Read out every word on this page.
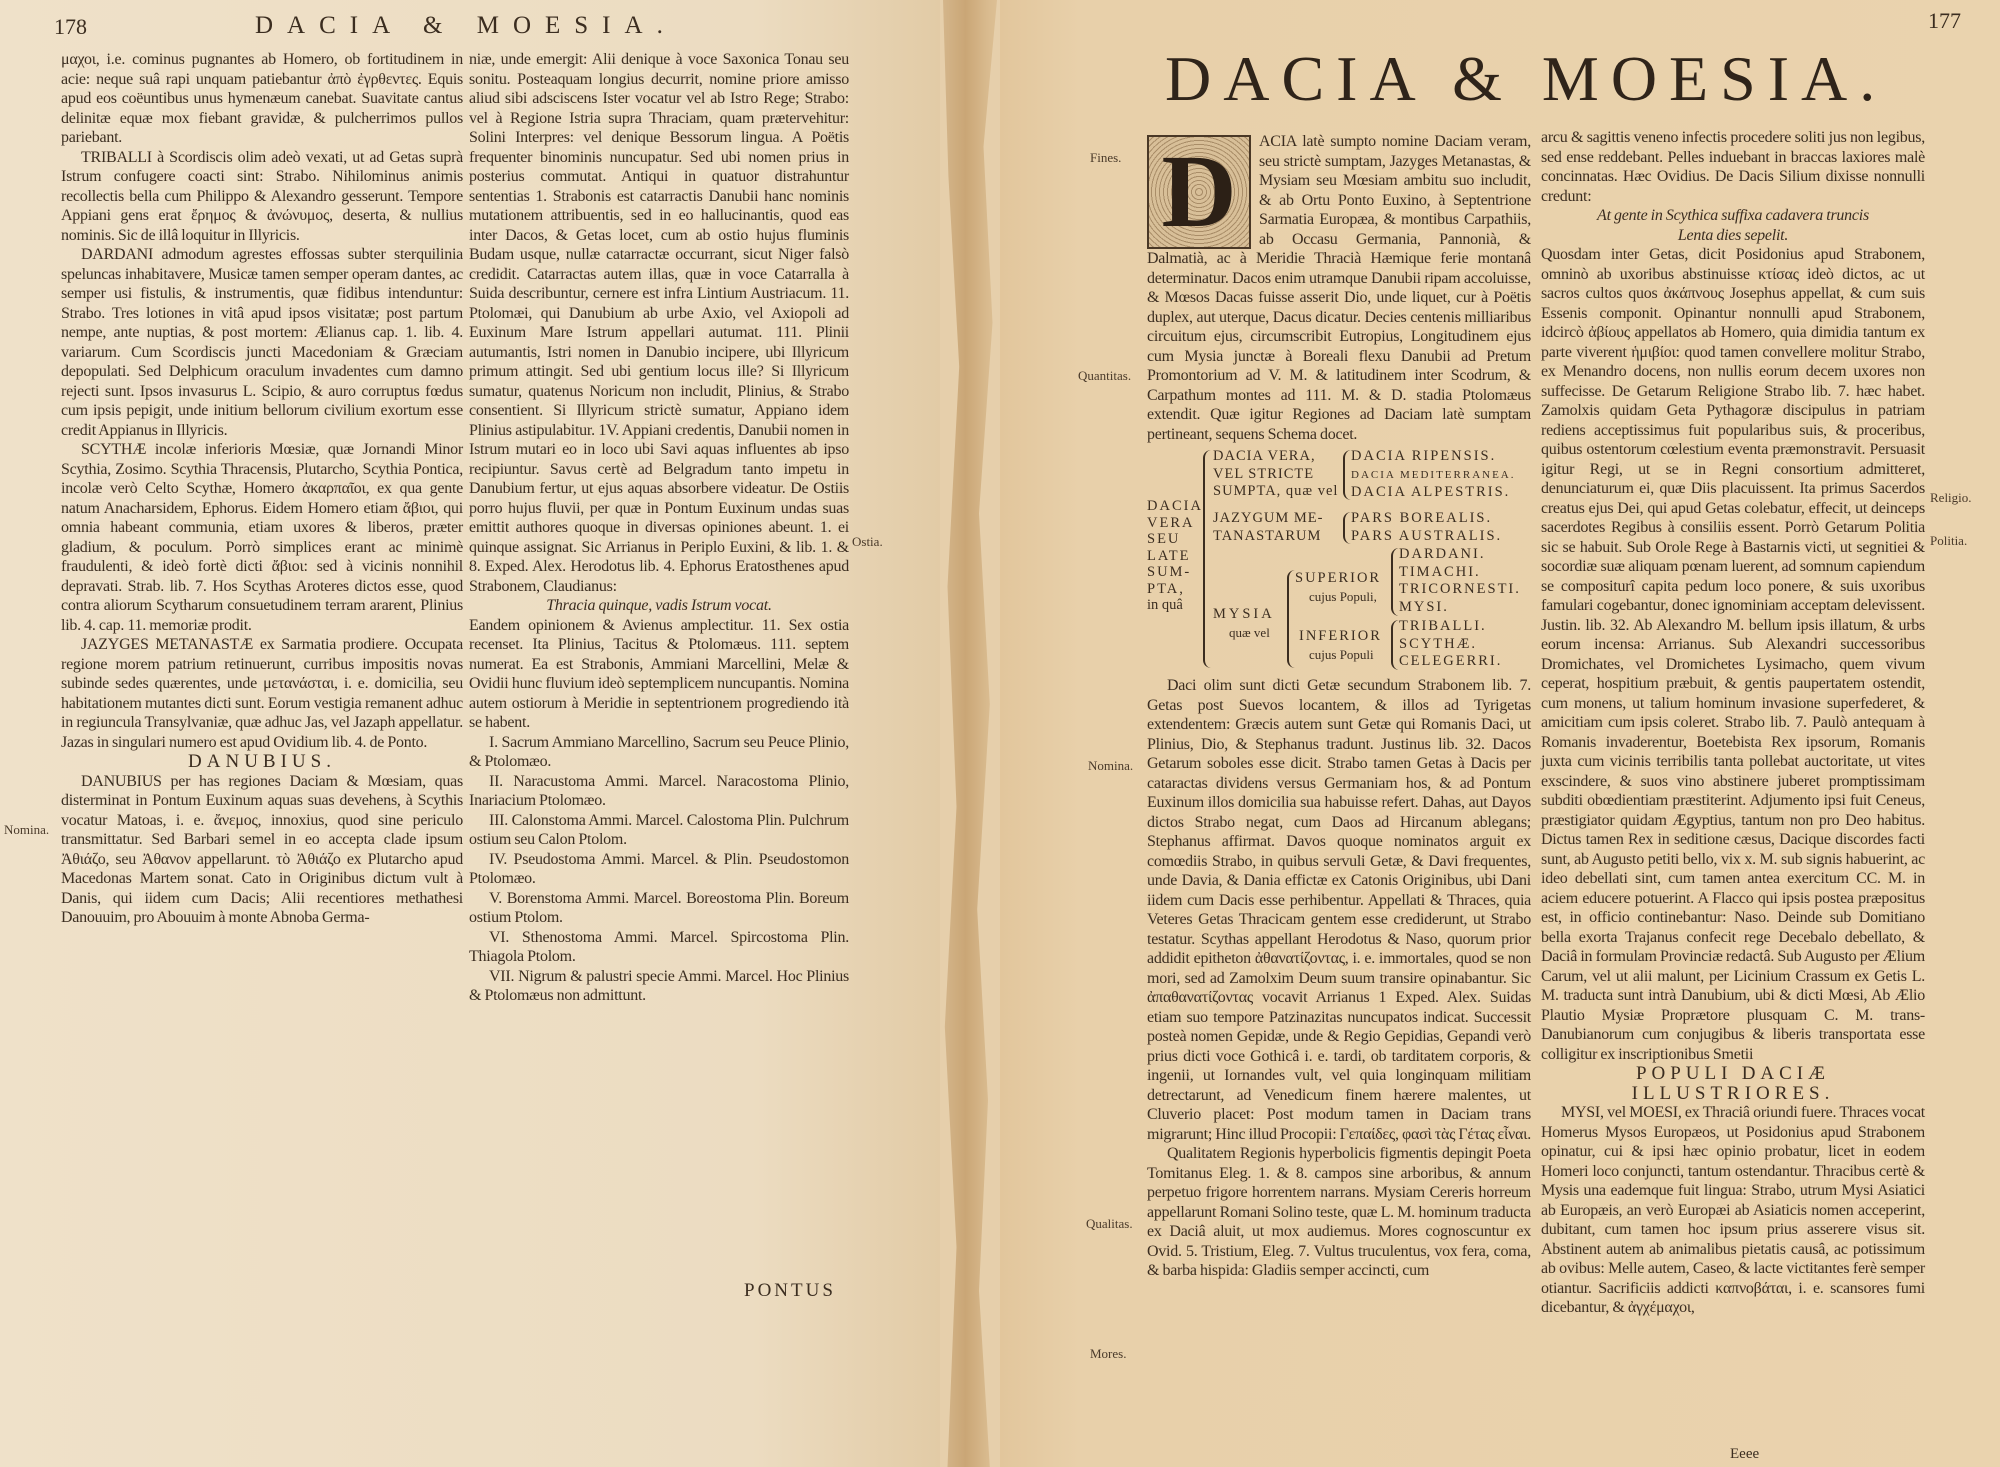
178	DACIA & MOESIA.
Nomina.
Ostia.

μαχοι, i.e. cominus pugnantes ab Homero, ob fortitudinem in acie: neque suâ rapi unquam patiebantur ἀπὸ ἐγρθεντες. Equis apud eos coëuntibus unus hymenæum canebat. Suavitate cantus delinitæ equæ mox fiebant gravidæ, & pulcherrimos pullos pariebant.

TRIBALLI à Scordiscis olim adeò vexati, ut ad Getas suprà Istrum confugere coacti sint: Strabo. Nihilominus animis recollectis bella cum Philippo & Alexandro gesserunt. Tempore Appiani gens erat ἔρημος & ἀνώνυμος, deserta, & nullius nominis. Sic de illâ loquitur in Illyricis.

DARDANI admodum agrestes effossas subter sterquilinia speluncas inhabitavere, Musicæ tamen semper operam dantes, ac semper usi fistulis, & instrumentis, quæ fidibus intenduntur: Strabo. Tres lotiones in vitâ apud ipsos visitatæ; post partum nempe, ante nuptias, & post mortem: Ælianus cap. 1. lib. 4. variarum. Cum Scordiscis juncti Macedoniam & Græciam depopulati. Sed Delphicum oraculum invadentes cum damno rejecti sunt. Ipsos invasurus L. Scipio, & auro corruptus fœdus cum ipsis pepigit, unde initium bellorum civilium exortum esse credit Appianus in Illyricis.

SCYTHÆ incolæ inferioris Mœsiæ, quæ Jornandi Minor Scythia, Zosimo. Scythia Thracensis, Plutarcho, Scythia Pontica, incolæ verò Celto Scythæ, Homero ἀκαρπαῖοι, ex qua gente natum Anacharsidem, Ephorus. Eidem Homero etiam ἄβιοι, qui omnia habeant communia, etiam uxores & liberos, præter gladium, & poculum. Porrò simplices erant ac minimè fraudulenti, & ideò fortè dicti ἄβιοι: sed à vicinis nonnihil depravati. Strab. lib. 7. Hos Scythas Aroteres dictos esse, quod contra aliorum Scytharum consuetudinem terram ararent, Plinius lib. 4. cap. 11. memoriæ prodit.

JAZYGES METANASTÆ ex Sarmatia prodiere. Occupata regione morem patrium retinuerunt, curribus impositis novas subinde sedes quærentes, unde μετανάσται, i. e. domicilia, seu habitationem mutantes dicti sunt. Eorum vestigia remanent adhuc in regiuncula Transylvaniæ, quæ adhuc Jas, vel Jazaph appellatur. Jazas in singulari numero est apud Ovidium lib. 4. de Ponto.

DANUBIUS.

DANUBIUS per has regiones Daciam & Mœsiam, quas disterminat in Pontum Euxinum aquas suas devehens, à Scythis vocatur Matoas, i. e. ἄνεμος, innoxius, quod sine periculo transmittatur. Sed Barbari semel in eo accepta clade ipsum Ἀθιάζο, seu Ἀθανον appellarunt. τὸ Ἀθιάζο ex Plutarcho apud Macedonas Martem sonat. Cato in Originibus dictum vult à Danis, qui iidem cum Dacis; Alii recentiores methathesi Danouuim, pro Abouuim à monte Abnoba Germa-

niæ, unde emergit: Alii denique à voce Saxonica Tonau seu sonitu. Posteaquam longius decurrit, nomine priore amisso aliud sibi adsciscens Ister vocatur vel ab Istro Rege; Strabo: vel à Regione Istria supra Thraciam, quam prætervehitur: Solini Interpres: vel denique Bessorum lingua. A Poëtis frequenter binominis nuncupatur. Sed ubi nomen prius in posterius commutat. Antiqui in quatuor distrahuntur sententias 1. Strabonis est catarractis Danubii hanc nominis mutationem attribuentis, sed in eo hallucinantis, quod eas inter Dacos, & Getas locet, cum ab ostio hujus fluminis Budam usque, nullæ catarractæ occurrant, sicut Niger falsò credidit. Catarractas autem illas, quæ in voce Catarralla à Suida describuntur, cernere est infra Lintium Austriacum. 11. Ptolomæi, qui Danubium ab urbe Axio, vel Axiopoli ad Euxinum Mare Istrum appellari autumat. 111. Plinii autumantis, Istri nomen in Danubio incipere, ubi Illyricum primum attingit. Sed ubi gentium locus ille? Si Illyricum sumatur, quatenus Noricum non includit, Plinius, & Strabo consentient. Si Illyricum strictè sumatur, Appiano idem Plinius astipulabitur. 1V. Appiani credentis, Danubii nomen in Istrum mutari eo in loco ubi Savi aquas influentes ab ipso recipiuntur. Savus certè ad Belgradum tanto impetu in Danubium fertur, ut ejus aquas absorbere videatur. De Ostiis porro hujus fluvii, per quæ in Pontum Euxinum undas suas emittit authores quoque in diversas opiniones abeunt. 1. ei quinque assignat. Sic Arrianus in Periplo Euxini, & lib. 1. & 8. Exped. Alex. Herodotus lib. 4. Ephorus Eratosthenes apud Strabonem, Claudianus:

Thracia quinque, vadis Istrum vocat.

Eandem opinionem & Avienus amplectitur. 11. Sex ostia recenset. Ita Plinius, Tacitus & Ptolomæus. 111. septem numerat. Ea est Strabonis, Ammiani Marcellini, Melæ & Ovidii hunc fluvium ideò septemplicem nuncupantis. Nomina autem ostiorum à Meridie in septentrionem progrediendo ità se habent.

I. Sacrum Ammiano Marcellino, Sacrum seu Peuce Plinio, & Ptolomæo.

II. Naracustoma Ammi. Marcel. Naracostoma Plinio, Inariacium Ptolomæo.

III. Calonstoma Ammi. Marcel. Calostoma Plin. Pulchrum ostium seu Calon Ptolom.

IV. Pseudostoma Ammi. Marcel. & Plin. Pseudostomon Ptolomæo.

V. Borenstoma Ammi. Marcel. Boreostoma Plin. Boreum ostium Ptolom.

VI. Sthenostoma Ammi. Marcel. Spircostoma Plin. Thiagola Ptolom.

VII. Nigrum & palustri specie Ammi. Marcel. Hoc Plinius & Ptolomæus non admittunt.

PONTUS
177
DACIA & MOESIA.
Fines.
Quantitas.
Nomina.
Qualitas.
Mores.
Religio.
Politia.
D	ACIA latè sumpto nomine Daciam veram, seu strictè sumptam, Jazyges Metanastas, & Mysiam seu Mœsiam ambitu suo includit, & ab Ortu Ponto Euxino, à Septentrione Sarmatia Europæa, & montibus Carpathiis, ab Occasu Germania, Pannonià, & Dalmatià, ac à Meridie Thracià Hæmique ferie montanâ determinatur. Dacos enim utramque Danubii ripam accoluisse, & Mœsos Dacas fuisse asserit Dio, unde liquet, cur à Poëtis duplex, aut uterque, Dacus dicatur. Decies centenis milliaribus circuitum ejus, circumscribit Eutropius, Longitudinem ejus cum Mysia junctæ à Boreali flexu Danubii ad Pretum Promontorium ad V. M. & latitudinem inter Scodrum, & Carpathum montes ad 111. M. & D. stadia Ptolomæus extendit. Quæ igitur Regiones ad Daciam latè sumptam pertineant, sequens Schema docet.

DACIA
VERA
SEU
LATE
SUM-
PTA,
in quâ
DACIA VERA,
VEL STRICTE
SUMPTA, quæ vel
DACIA RIPENSIS.
DACIA MEDITERRANEA.
DACIA ALPESTRIS.
JAZYGUM ME-
TANASTARUM
PARS BOREALIS.
PARS AUSTRALIS.
MYSIA
quæ vel
SUPERIOR
cujus Populi,
DARDANI.
TIMACHI.
TRICORNESTI.
MYSI.
INFERIOR
cujus Populi
TRIBALLI.
SCYTHÆ.
CELEGERRI.

Daci olim sunt dicti Getæ secundum Strabonem lib. 7. Getas post Suevos locantem, & illos ad Tyrigetas extendentem: Græcis autem sunt Getæ qui Romanis Daci, ut Plinius, Dio, & Stephanus tradunt. Justinus lib. 32. Dacos Getarum soboles esse dicit. Strabo tamen Getas à Dacis per cataractas dividens versus Germaniam hos, & ad Pontum Euxinum illos domicilia sua habuisse refert. Dahas, aut Dayos dictos Strabo negat, cum Daos ad Hircanum ablegans; Stephanus affirmat. Davos quoque nominatos arguit ex comœdiis Strabo, in quibus servuli Getæ, & Davi frequentes, unde Davia, & Dania effictæ ex Catonis Originibus, ubi Dani iidem cum Dacis esse perhibentur. Appellati & Thraces, quia Veteres Getas Thracicam gentem esse crediderunt, ut Strabo testatur. Scythas appellant Herodotus & Naso, quorum prior addidit epitheton ἀθανατίζοντας, i. e. immortales, quod se non mori, sed ad Zamolxim Deum suum transire opinabantur. Sic ἀπαθανατίζοντας vocavit Arrianus 1 Exped. Alex. Suidas etiam suo tempore Patzinazitas nuncupatos indicat. Successit posteà nomen Gepidæ, unde & Regio Gepidias, Gepandi verò prius dicti voce Gothicâ i. e. tardi, ob tarditatem corporis, & ingenii, ut Iornandes vult, vel quia longinquam militiam detrectarunt, ad Venedicum finem hærere malentes, ut Cluverio placet: Post modum tamen in Daciam trans migrarunt; Hinc illud Procopii: Γεπαίδες, φασὶ τὰς Γέτας εἶναι.

Qualitatem Regionis hyperbolicis figmentis depingit Poeta Tomitanus Eleg. 1. & 8. campos sine arboribus, & annum perpetuo frigore horrentem narrans. Mysiam Cereris horreum appellarunt Romani Solino teste, quæ L. M. hominum traducta ex Daciâ aluit, ut mox audiemus. Mores cognoscuntur ex Ovid. 5. Tristium, Eleg. 7. Vultus truculentus, vox fera, coma, & barba hispida: Gladiis semper accincti, cum

arcu & sagittis veneno infectis procedere soliti jus non legibus, sed ense reddebant. Pelles induebant in braccas laxiores malè concinnatas. Hæc Ovidius. De Dacis Silium dixisse nonnulli credunt:

At gente in Scythica suffixa cadavera truncis

Lenta dies sepelit.

Quosdam inter Getas, dicit Posidonius apud Strabonem, omninò ab uxoribus abstinuisse κτίσας ideò dictos, ac ut sacros cultos quos ἀκάπνους Josephus appellat, & cum suis Essenis componit. Opinantur nonnulli apud Strabonem, idcircò ἀβίους appellatos ab Homero, quia dimidia tantum ex parte viverent ἡμιβίοι: quod tamen convellere molitur Strabo, ex Menandro docens, non nullis eorum decem uxores non suffecisse. De Getarum Religione Strabo lib. 7. hæc habet. Zamolxis quidam Geta Pythagoræ discipulus in patriam rediens acceptissimus fuit popularibus suis, & proceribus, quibus ostentorum cœlestium eventa præmonstravit. Persuasit igitur Regi, ut se in Regni consortium admitteret, denunciaturum ei, quæ Diis placuissent. Ita primus Sacerdos creatus ejus Dei, qui apud Getas colebatur, effecit, ut deinceps sacerdotes Regibus à consiliis essent. Porrò Getarum Politia sic se habuit. Sub Orole Rege à Bastarnis victi, ut segnitiei & socordiæ suæ aliquam pœnam luerent, ad somnum capiendum se compositurî capita pedum loco ponere, & suis uxoribus famulari cogebantur, donec ignominiam acceptam delevissent. Justin. lib. 32. Ab Alexandro M. bellum ipsis illatum, & urbs eorum incensa: Arrianus. Sub Alexandri successoribus Dromichates, vel Dromichetes Lysimacho, quem vivum ceperat, hospitium præbuit, & gentis paupertatem ostendit, cum monens, ut talium hominum invasione superfederet, & amicitiam cum ipsis coleret. Strabo lib. 7. Paulò antequam à Romanis invaderentur, Boetebista Rex ipsorum, Romanis juxta cum vicinis terribilis tanta pollebat auctoritate, ut vites exscindere, & suos vino abstinere juberet promptissimam subditi obœdientiam præstiterint. Adjumento ipsi fuit Ceneus, præstigiator quidam Ægyptius, tantum non pro Deo habitus. Dictus tamen Rex in seditione cæsus, Dacique discordes facti sunt, ab Augusto petiti bello, vix x. M. sub signis habuerint, ac ideo debellati sint, cum tamen antea exercitum CC. M. in aciem educere potuerint. A Flacco qui ipsis postea præpositus est, in officio continebantur: Naso. Deinde sub Domitiano bella exorta Trajanus confecit rege Decebalo debellato, & Daciâ in formulam Provinciæ redactâ. Sub Augusto per Ælium Carum, vel ut alii malunt, per Licinium Crassum ex Getis L. M. traducta sunt intrà Danubium, ubi & dicti Mœsi, Ab Ælio Plautio Mysiæ Proprætore plusquam C. M. trans-Danubianorum cum conjugibus & liberis transportata esse colligitur ex inscriptionibus Smetii

POPULI DACIÆ ILLUSTRIORES.

MYSI, vel MOESI, ex Thraciâ oriundi fuere. Thraces vocat Homerus Mysos Europæos, ut Posidonius apud Strabonem opinatur, cui & ipsi hæc opinio probatur, licet in eodem Homeri loco conjuncti, tantum ostendantur. Thracibus certè & Mysis una eademque fuit lingua: Strabo, utrum Mysi Asiatici ab Europæis, an verò Europæi ab Asiaticis nomen acceperint, dubitant, cum tamen hoc ipsum prius asserere visus sit. Abstinent autem ab animalibus pietatis causâ, ac potissimum ab ovibus: Melle autem, Caseo, & lacte victitantes ferè semper otiantur. Sacrificiis addicti καπνοβάται, i. e. scansores fumi dicebantur, & ἀγχέμαχοι,

Eeee
